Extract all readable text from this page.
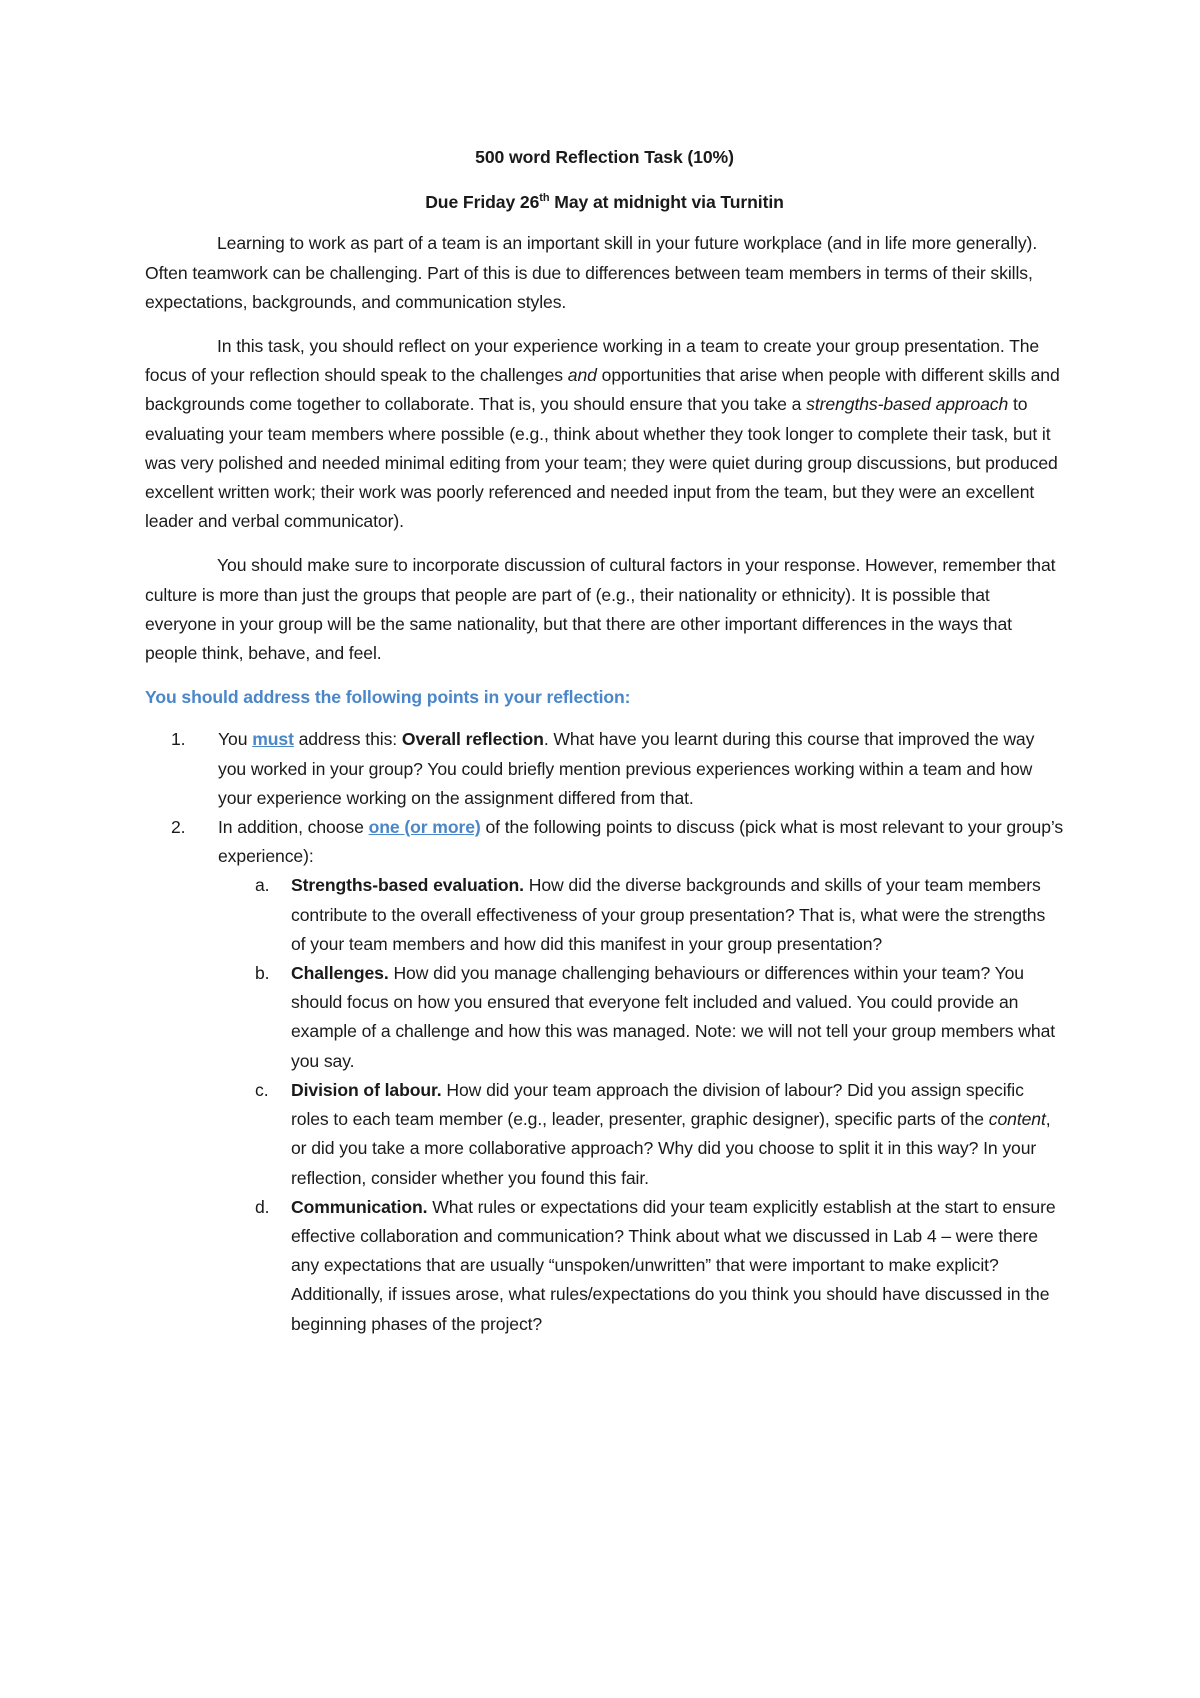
500 word Reflection Task (10%)

Due Friday 26th May at midnight via Turnitin

Learning to work as part of a team is an important skill in your future workplace (and in life more generally). Often teamwork can be challenging. Part of this is due to differences between team members in terms of their skills, expectations, backgrounds, and communication styles.

In this task, you should reflect on your experience working in a team to create your group presentation. The focus of your reflection should speak to the challenges and opportunities that arise when people with different skills and backgrounds come together to collaborate. That is, you should ensure that you take a strengths-based approach to evaluating your team members where possible (e.g., think about whether they took longer to complete their task, but it was very polished and needed minimal editing from your team; they were quiet during group discussions, but produced excellent written work; their work was poorly referenced and needed input from the team, but they were an excellent leader and verbal communicator).

You should make sure to incorporate discussion of cultural factors in your response. However, remember that culture is more than just the groups that people are part of (e.g., their nationality or ethnicity). It is possible that everyone in your group will be the same nationality, but that there are other important differences in the ways that people think, behave, and feel.

You should address the following points in your reflection:

1. You must address this: Overall reflection. What have you learnt during this course that improved the way you worked in your group? You could briefly mention previous experiences working within a team and how your experience working on the assignment differed from that.
2. In addition, choose one (or more) of the following points to discuss (pick what is most relevant to your group’s experience):
a. Strengths-based evaluation. How did the diverse backgrounds and skills of your team members contribute to the overall effectiveness of your group presentation? That is, what were the strengths of your team members and how did this manifest in your group presentation?
b. Challenges. How did you manage challenging behaviours or differences within your team? You should focus on how you ensured that everyone felt included and valued. You could provide an example of a challenge and how this was managed. Note: we will not tell your group members what you say.
c. Division of labour. How did your team approach the division of labour? Did you assign specific roles to each team member (e.g., leader, presenter, graphic designer), specific parts of the content, or did you take a more collaborative approach? Why did you choose to split it in this way? In your reflection, consider whether you found this fair.
d. Communication. What rules or expectations did your team explicitly establish at the start to ensure effective collaboration and communication? Think about what we discussed in Lab 4 – were there any expectations that are usually “unspoken/unwritten” that were important to make explicit? Additionally, if issues arose, what rules/expectations do you think you should have discussed in the beginning phases of the project?
